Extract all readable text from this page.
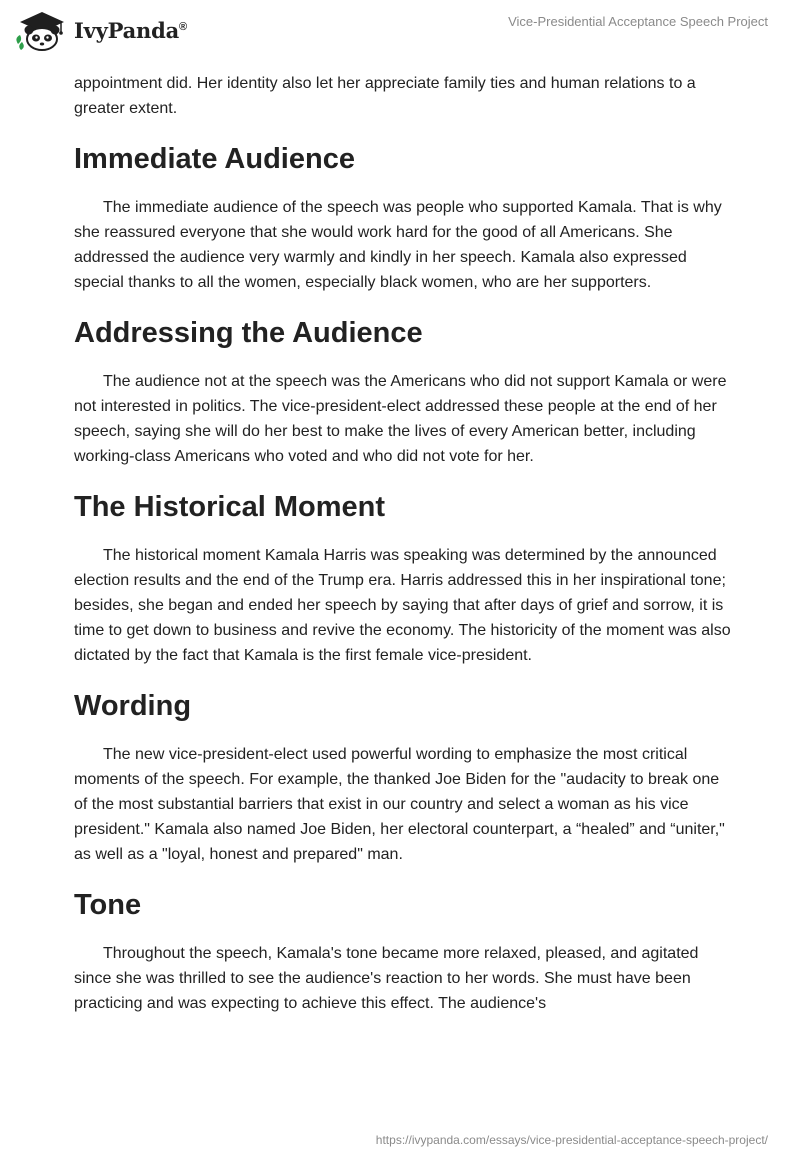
IvyPanda®	Vice-Presidential Acceptance Speech Project

appointment did. Her identity also let her appreciate family ties and human relations to a greater extent.

Immediate Audience

The immediate audience of the speech was people who supported Kamala. That is why she reassured everyone that she would work hard for the good of all Americans. She addressed the audience very warmly and kindly in her speech. Kamala also expressed special thanks to all the women, especially black women, who are her supporters.

Addressing the Audience

The audience not at the speech was the Americans who did not support Kamala or were not interested in politics. The vice-president-elect addressed these people at the end of her speech, saying she will do her best to make the lives of every American better, including working-class Americans who voted and who did not vote for her.

The Historical Moment

The historical moment Kamala Harris was speaking was determined by the announced election results and the end of the Trump era. Harris addressed this in her inspirational tone; besides, she began and ended her speech by saying that after days of grief and sorrow, it is time to get down to business and revive the economy. The historicity of the moment was also dictated by the fact that Kamala is the first female vice-president.

Wording

The new vice-president-elect used powerful wording to emphasize the most critical moments of the speech. For example, the thanked Joe Biden for the "audacity to break one of the most substantial barriers that exist in our country and select a woman as his vice president." Kamala also named Joe Biden, her electoral counterpart, a “healed” and “uniter," as well as a "loyal, honest and prepared" man.

Tone

Throughout the speech, Kamala's tone became more relaxed, pleased, and agitated since she was thrilled to see the audience's reaction to her words. She must have been practicing and was expecting to achieve this effect. The audience's

https://ivypanda.com/essays/vice-presidential-acceptance-speech-project/
